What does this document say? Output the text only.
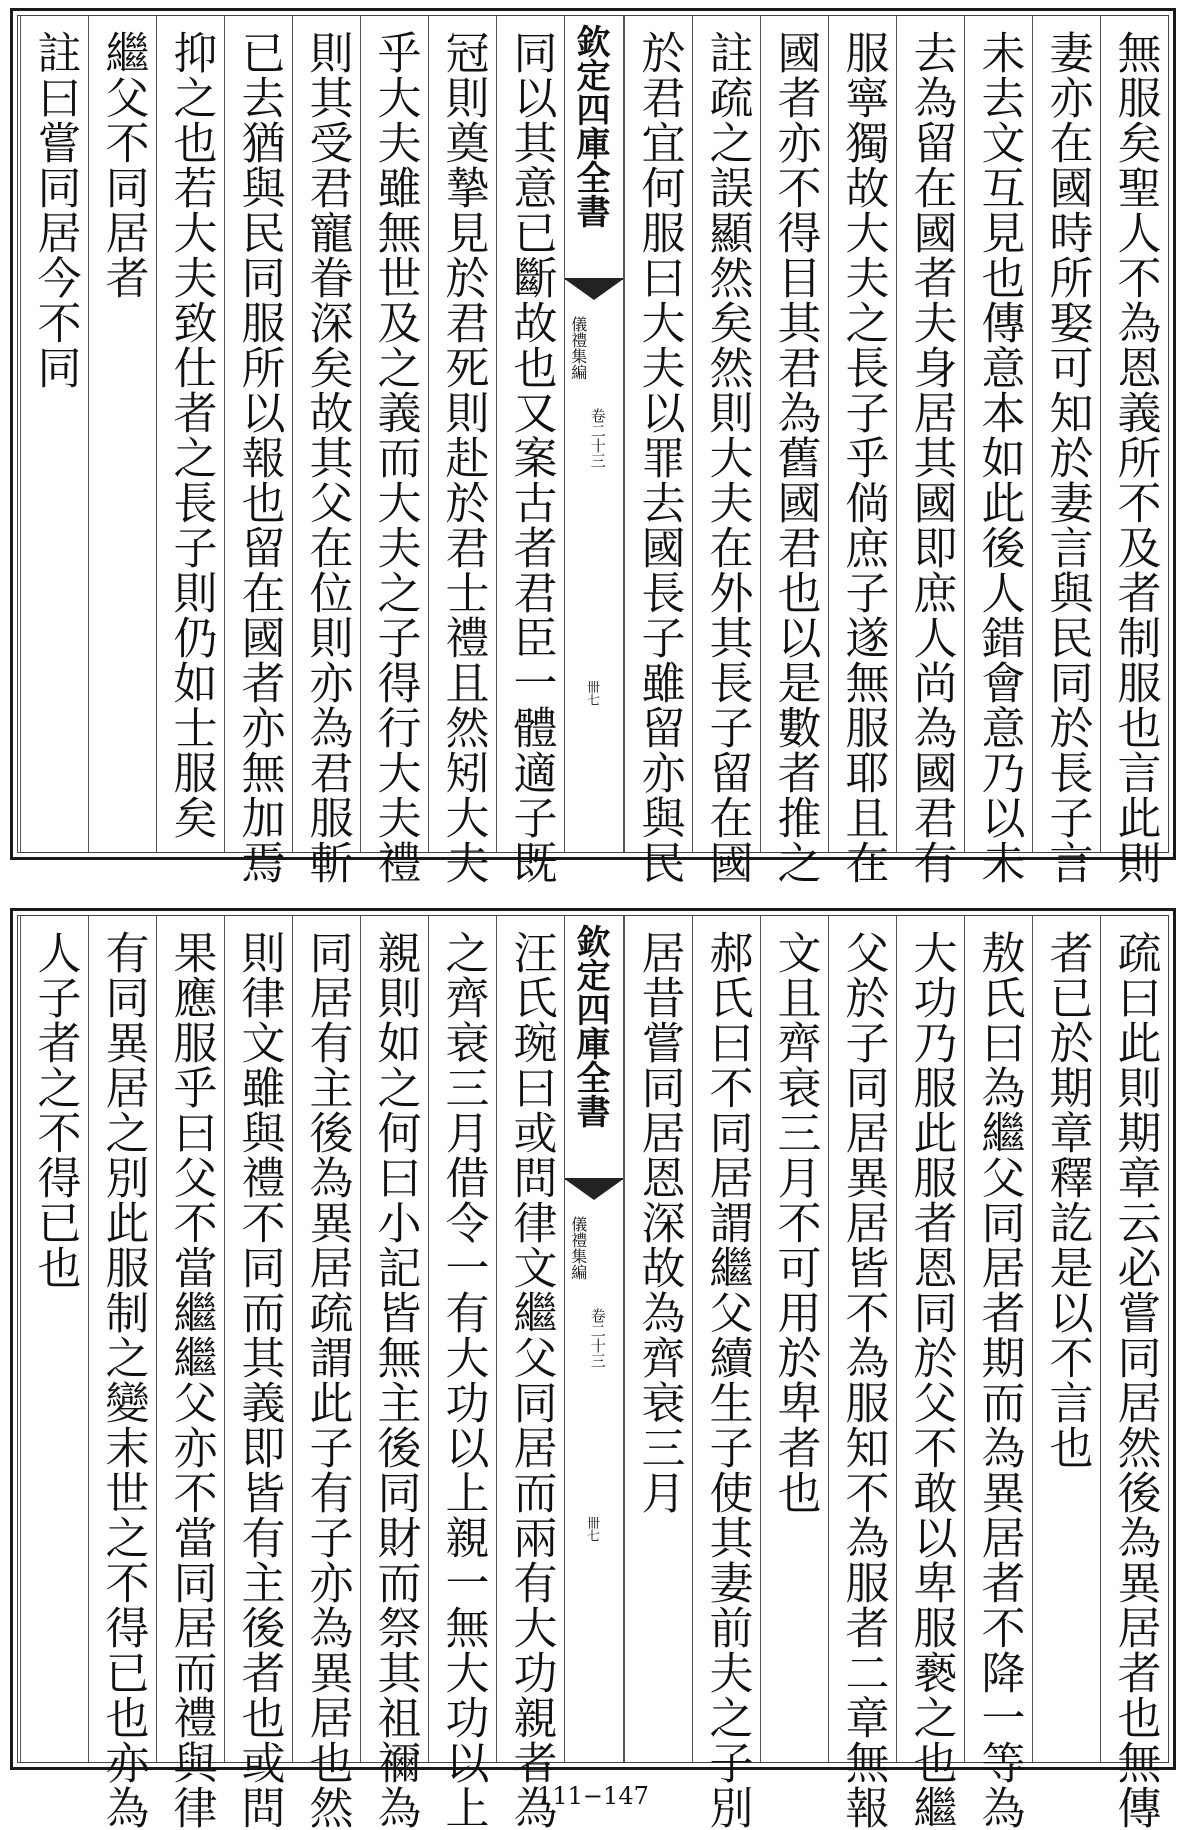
無服矣聖人不為恩義所不及者制服也言此則
妻亦在國時所娶可知於妻言與民同於長子言
未去文互見也傳意本如此後人錯會意乃以未
去為留在國者夫身居其國即庶人尚為國君有
服寧獨故大夫之長子乎倘庶子遂無服耶且在
國者亦不得目其君為舊國君也以是數者推之
註疏之誤顯然矣然則大夫在外其長子留在國
於君宜何服曰大夫以罪去國長子雖留亦與民
欽定四庫全書
儀禮集編
卷二十三
卌七
同以其意已斷故也又案古者君臣一體適子既
冠則奠摯見於君死則赴於君士禮且然矧大夫
乎大夫雖無世及之義而大夫之子得行大夫禮
則其受君寵眷深矣故其父在位則亦為君服斬
已去猶與民同服所以報也留在國者亦無加焉
抑之也若大夫致仕者之長子則仍如士服矣
繼父不同居者
註曰嘗同居今不同
疏曰此則期章云必嘗同居然後為異居者也無傳
者已於期章釋訖是以不言也
敖氏曰為繼父同居者期而為異居者不降一等為
大功乃服此服者恩同於父不敢以卑服褻之也繼
父於子同居異居皆不為服知不為服者二章無報
文且齊衰三月不可用於卑者也
郝氏曰不同居謂繼父續生子使其妻前夫之子別
居昔嘗同居恩深故為齊衰三月
欽定四庫全書
儀禮集編
卷二十三
卌七
汪氏琬曰或問律文繼父同居而兩有大功親者為
之齊衰三月借令一有大功以上親一無大功以上
親則如之何曰小記皆無主後同財而祭其祖禰為
同居有主後為異居疏謂此子有子亦為異居也然
則律文雖與禮不同而其義即皆有主後者也或問
果應服乎曰父不當繼繼父亦不當同居而禮與律
有同異居之別此服制之變末世之不得已也亦為
人子者之不得已也
111−147
